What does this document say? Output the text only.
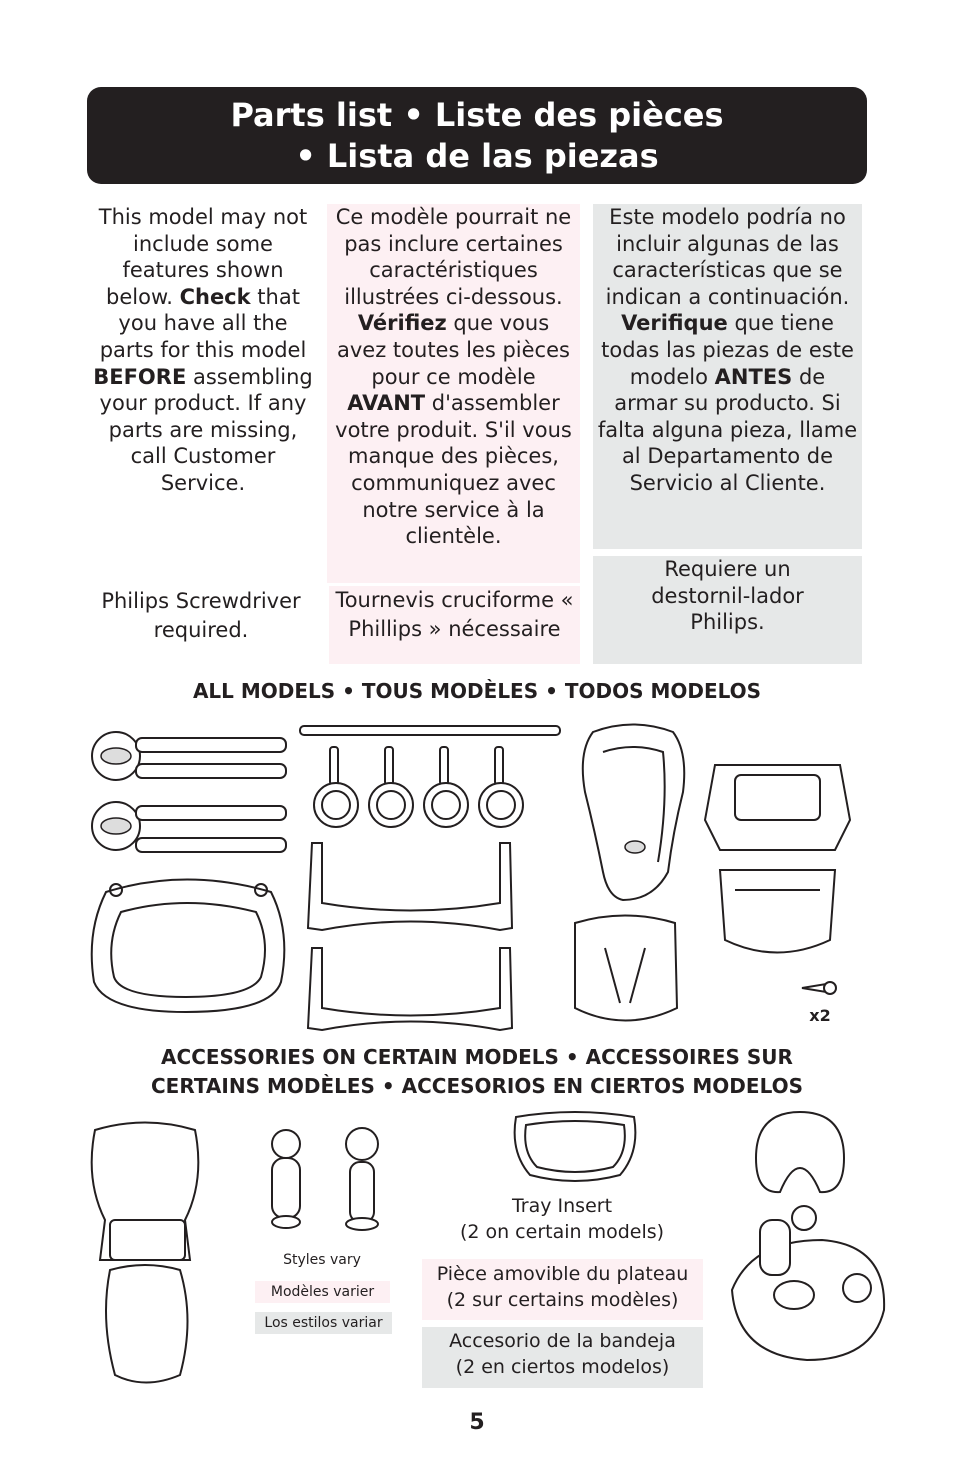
Parts list • Liste des pièces
• Lista de las piezas
This model may not include some features shown below. Check that you have all the parts for this model BEFORE assembling your product. If any parts are missing, call Customer Service.
Philips Screwdriver required.
Ce modèle pourrait ne pas inclure certaines caractéristiques illustrées ci-dessous. Vérifiez que vous avez toutes les pièces pour ce modèle AVANT d'assembler votre produit. S'il vous manque des pièces, communiquez avec notre service à la clientèle.
Tournevis cruciforme « Phillips » nécessaire
Este modelo podría no incluir algunas de las características que se indican a continuación. Verifique que tiene todas las piezas de este modelo ANTES de armar su producto. Si falta alguna pieza, llame al Departamento de Servicio al Cliente.
Requiere un destornil-lador Philips.
ALL MODELS • TOUS MODÈLES • TODOS MODELOS
x2
ACCESSORIES ON CERTAIN MODELS • ACCESSOIRES SUR
CERTAINS MODÈLES • ACCESORIOS EN CIERTOS MODELOS
Styles vary
Modèles varier
Los estilos variar
Tray Insert
(2 on certain models)
Pièce amovible du plateau
(2 sur certains modèles)
Accesorio de la bandeja
(2 en ciertos modelos)
5
